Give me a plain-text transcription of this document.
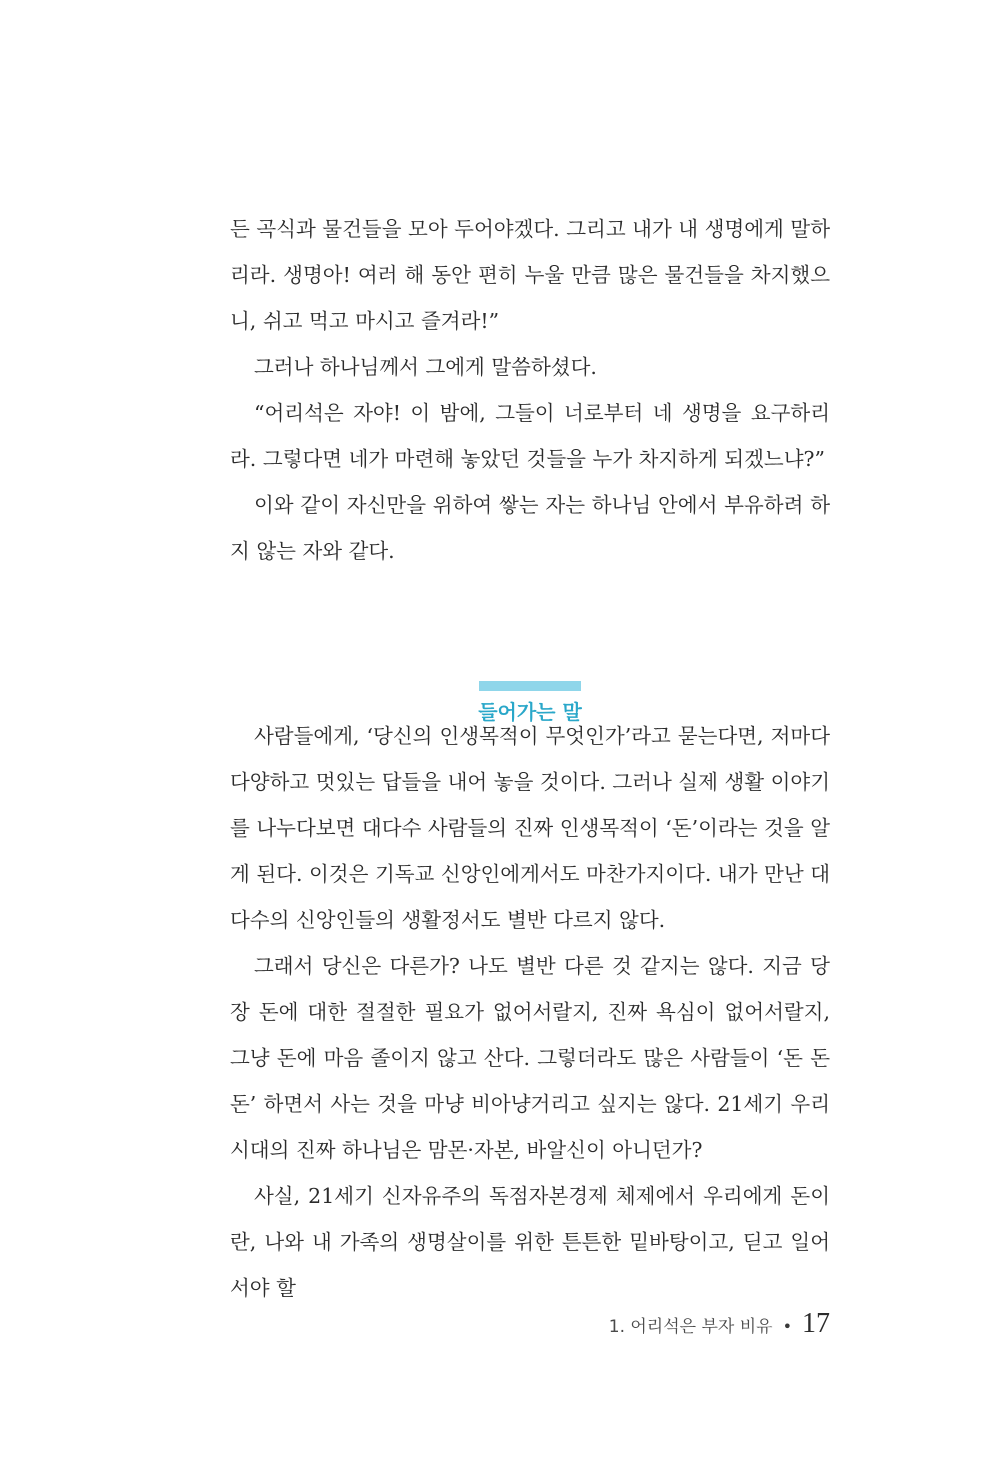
든 곡식과 물건들을 모아 두어야겠다. 그리고 내가 내 생명에게 말하리라. 생명아! 여러 해 동안 편히 누울 만큼 많은 물건들을 차지했으니, 쉬고 먹고 마시고 즐겨라!”

그러나 하나님께서 그에게 말씀하셨다.

“어리석은 자야! 이 밤에, 그들이 너로부터 네 생명을 요구하리라. 그렇다면 네가 마련해 놓았던 것들을 누가 차지하게 되겠느냐?”

이와 같이 자신만을 위하여 쌓는 자는 하나님 안에서 부유하려 하지 않는 자와 같다.

들어가는 말

사람들에게, ‘당신의 인생목적이 무엇인가’라고 묻는다면, 저마다 다양하고 멋있는 답들을 내어 놓을 것이다. 그러나 실제 생활 이야기를 나누다보면 대다수 사람들의 진짜 인생목적이 ‘돈’이라는 것을 알게 된다. 이것은 기독교 신앙인에게서도 마찬가지이다. 내가 만난 대다수의 신앙인들의 생활정서도 별반 다르지 않다.

그래서 당신은 다른가? 나도 별반 다른 것 같지는 않다. 지금 당장 돈에 대한 절절한 필요가 없어서랄지, 진짜 욕심이 없어서랄지, 그냥 돈에 마음 졸이지 않고 산다. 그렇더라도 많은 사람들이 ‘돈 돈 돈’ 하면서 사는 것을 마냥 비아냥거리고 싶지는 않다. 21세기 우리 시대의 진짜 하나님은 맘몬·자본, 바알신이 아니던가?

사실, 21세기 신자유주의 독점자본경제 체제에서 우리에게 돈이란, 나와 내 가족의 생명살이를 위한 튼튼한 밑바탕이고, 딛고 일어서야 할

1. 어리석은 부자 비유 • 17
